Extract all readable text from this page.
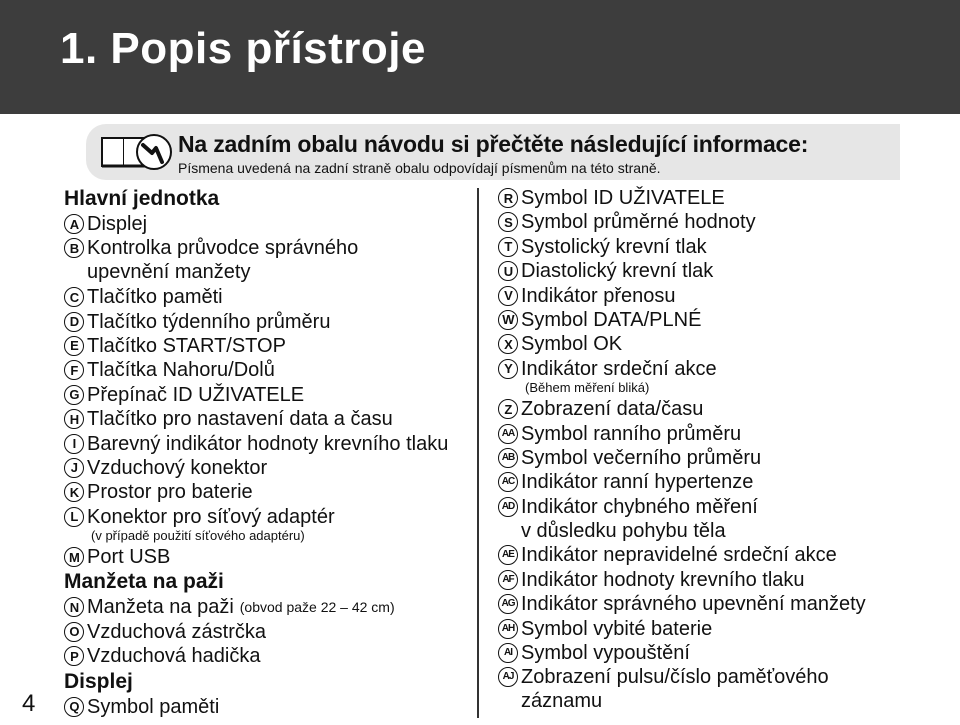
1. Popis přístroje
4
Na zadním obalu návodu si přečtěte následující informace:
Písmena uvedená na zadní straně obalu odpovídají písmenům na této straně.
Hlavní jednotka
A Displej
B Kontrolka průvodce správného
upevnění manžety
C Tlačítko paměti
D Tlačítko týdenního průměru
E Tlačítko START/STOP
F Tlačítka Nahoru/Dolů
G Přepínač ID UŽIVATELE
H Tlačítko pro nastavení data a času
I Barevný indikátor hodnoty krevního tlaku
J Vzduchový konektor
K Prostor pro baterie
L Konektor pro síťový adaptér
(v případě použití síťového adaptéru)
M Port USB
Manžeta na paži
N Manžeta na paži (obvod paže 22 – 42 cm)
O Vzduchová zástrčka
P Vzduchová hadička
Displej
Q Symbol paměti
R Symbol ID UŽIVATELE
S Symbol průměrné hodnoty
T Systolický krevní tlak
U Diastolický krevní tlak
V Indikátor přenosu
W Symbol DATA/PLNÉ
X Symbol OK
Y Indikátor srdeční akce
(Během měření bliká)
Z Zobrazení data/času
AA Symbol ranního průměru
AB Symbol večerního průměru
AC Indikátor ranní hypertenze
AD Indikátor chybného měření
v důsledku pohybu těla
AE Indikátor nepravidelné srdeční akce
AF Indikátor hodnoty krevního tlaku
AG Indikátor správného upevnění manžety
AH Symbol vybité baterie
AI Symbol vypouštění
AJ Zobrazení pulsu/číslo paměťového
záznamu
